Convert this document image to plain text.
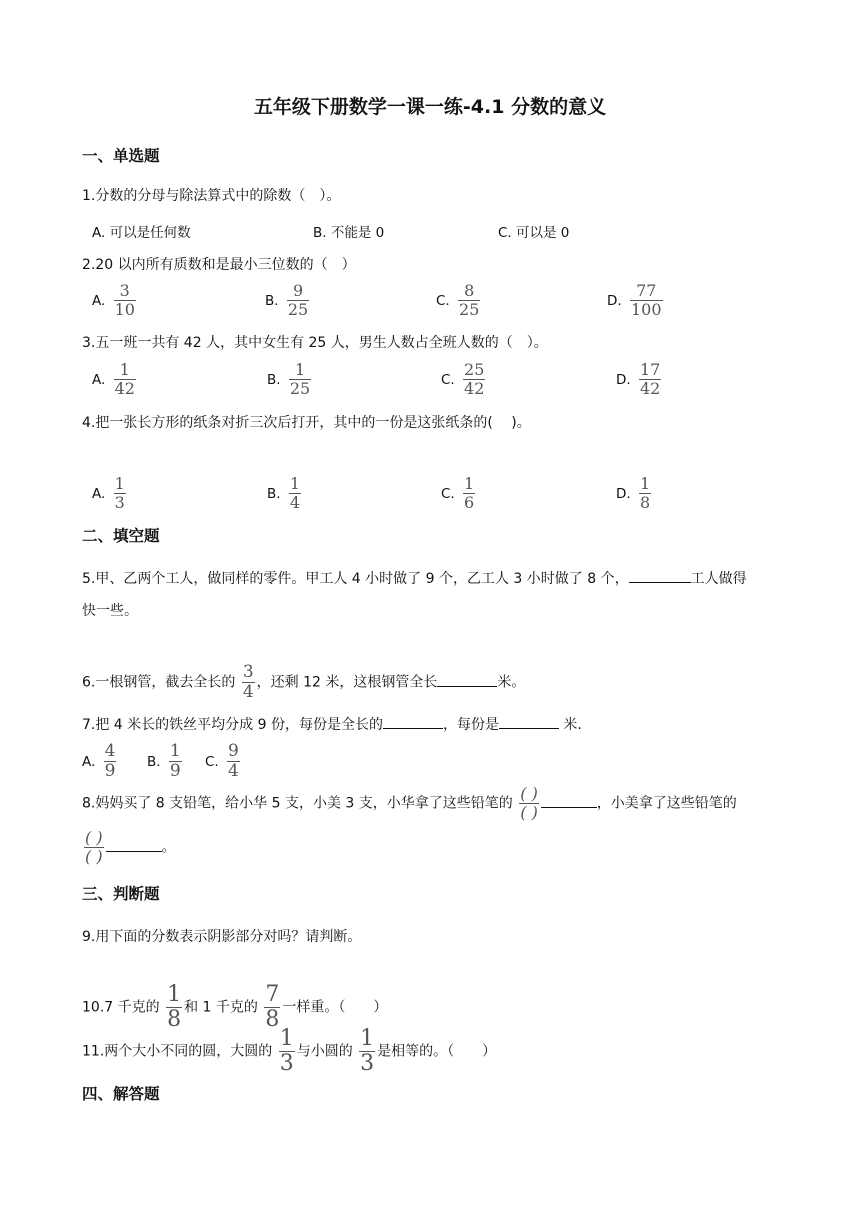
五年级下册数学一课一练-4.1 分数的意义
一、单选题
1.分数的分母与除法算式中的除数（　）。
A. 可以是任何数	B. 不能是 0	C. 可以是 0
2.20 以内所有质数和是最小三位数的（　）
A. $\frac{3}{10}$	B. $\frac{9}{25}$	C. $\frac{8}{25}$	D. $\frac{77}{100}$
3.五一班一共有 42 人，其中女生有 25 人，男生人数占全班人数的（　）。
A. $\frac{1}{42}$	B. $\frac{1}{25}$	C. $\frac{25}{42}$	D. $\frac{17}{42}$
4.把一张长方形的纸条对折三次后打开，其中的一份是这张纸条的(　 )。
A. $\frac{1}{3}$	B. $\frac{1}{4}$	C. $\frac{1}{6}$	D. $\frac{1}{8}$
二、填空题
5.甲、乙两个工人，做同样的零件。甲工人 4 小时做了 9 个，乙工人 3 小时做了 8 个，	工人做得
快一些。
6.一根钢管，截去全长的 $\frac{3}{4}$ ，还剩 12 米，这根钢管全长	米。
7.把 4 米长的铁丝平均分成 9 份，每份是全长的	，每份是	米.
A. $\frac{4}{9} B$. $\frac{1}{9} C$. $\frac{9}{4}$
8.妈妈买了 8 支铅笔，给小华 5 支，小美 3 支，小华拿了这些铅笔的 $\frac{( )}{( )}$	，小美拿了这些铅笔的
$\frac{( )}{( )}$	。
三、判断题
9.用下面的分数表示阴影部分对吗？请判断。
10.7 千克的 $\frac{1}{8}$ 和 1 千克的 $\frac{7}{8}$ 一样重。（　　）
11.两个大小不同的圆，大圆的 $\frac{1}{3}$ 与小圆的 $\frac{1}{3}$ 是相等的。（　　）
四、解答题
